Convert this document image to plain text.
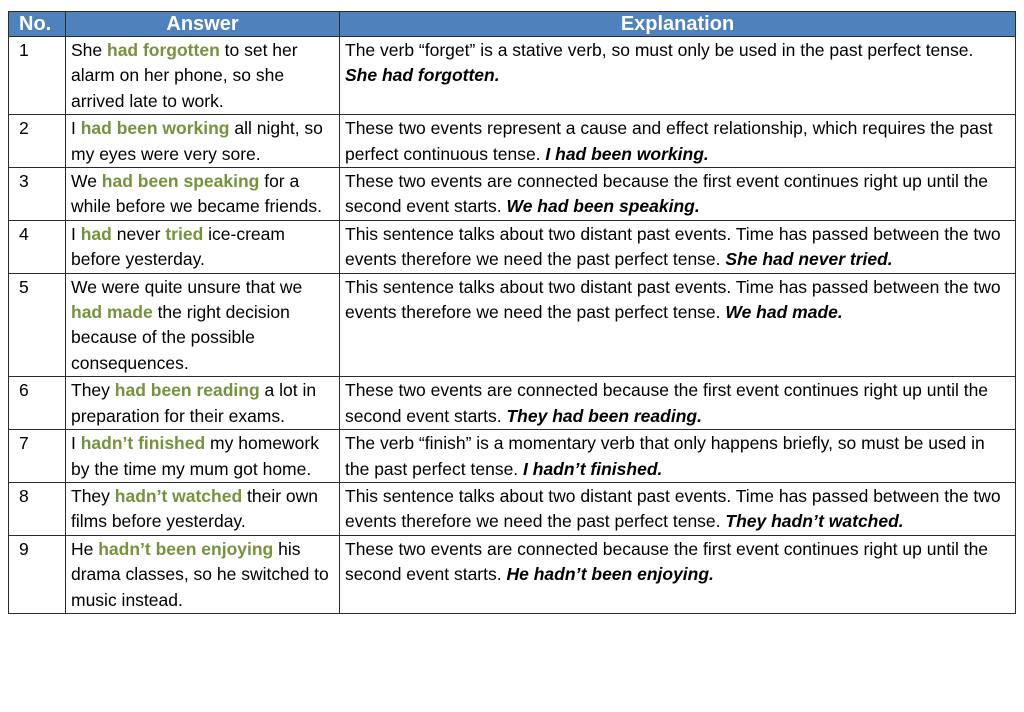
No.	Answer	Explanation
1	She had forgotten to set her alarm on her phone, so she arrived late to work.	The verb “forget” is a stative verb, so must only be used in the past perfect tense. She had forgotten.
2	I had been working all night, so my eyes were very sore.	These two events represent a cause and effect relationship, which requires the past perfect continuous tense. I had been working.
3	We had been speaking for a while before we became friends.	These two events are connected because the first event continues right up until the second event starts. We had been speaking.
4	I had never tried ice-cream before yesterday.	This sentence talks about two distant past events. Time has passed between the two events therefore we need the past perfect tense. She had never tried.
5	We were quite unsure that we had made the right decision because of the possible consequences.	This sentence talks about two distant past events. Time has passed between the two events therefore we need the past perfect tense. We had made.
6	They had been reading a lot in preparation for their exams.	These two events are connected because the first event continues right up until the second event starts. They had been reading.
7	I hadn’t finished my homework by the time my mum got home.	The verb “finish” is a momentary verb that only happens briefly, so must be used in the past perfect tense. I hadn’t finished.
8	They hadn’t watched their own films before yesterday.	This sentence talks about two distant past events. Time has passed between the two events therefore we need the past perfect tense. They hadn’t watched.
9	He hadn’t been enjoying his drama classes, so he switched to music instead.	These two events are connected because the first event continues right up until the second event starts. He hadn’t been enjoying.
